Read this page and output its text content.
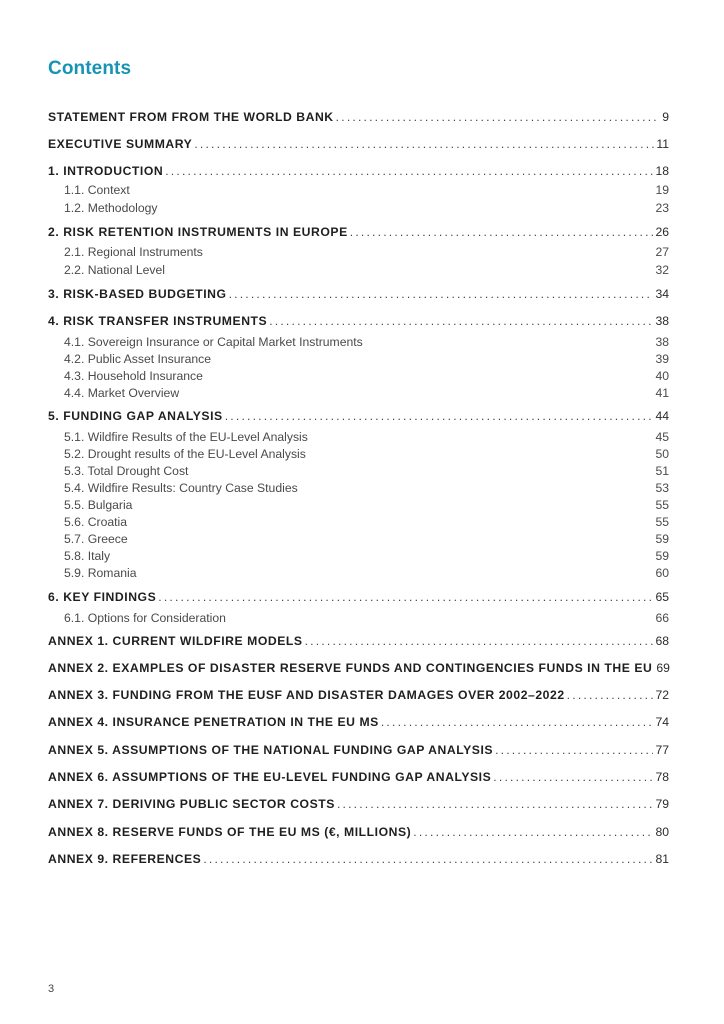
Contents
STATEMENT FROM FROM THE WORLD BANK . . .	9
EXECUTIVE SUMMARY . . .	11
1. INTRODUCTION . . .	18
1.1. Context	19
1.2. Methodology	23
2. RISK RETENTION INSTRUMENTS IN EUROPE . . .	26
2.1. Regional Instruments	27
2.2. National Level	32
3. RISK-BASED BUDGETING . . .	34
4. RISK TRANSFER INSTRUMENTS . . .	38
4.1. Sovereign Insurance or Capital Market Instruments	38
4.2. Public Asset Insurance	39
4.3. Household Insurance	40
4.4. Market Overview	41
5. FUNDING GAP ANALYSIS . . .	44
5.1. Wildfire Results of the EU-Level Analysis	45
5.2. Drought results of the EU-Level Analysis	50
5.3. Total Drought Cost	51
5.4. Wildfire Results: Country Case Studies	53
5.5. Bulgaria	55
5.6. Croatia	55
5.7. Greece	59
5.8. Italy	59
5.9. Romania	60
6. KEY FINDINGS . . .	65
6.1. Options for Consideration	66
ANNEX 1. CURRENT WILDFIRE MODELS . . .	68
ANNEX 2. EXAMPLES OF DISASTER RESERVE FUNDS AND CONTINGENCIES FUNDS IN THE EU 69
ANNEX 3. FUNDING FROM THE EUSF AND DISASTER DAMAGES OVER 2002–2022 . . .	72
ANNEX 4. INSURANCE PENETRATION IN THE EU MS . . .	74
ANNEX 5. ASSUMPTIONS OF THE NATIONAL FUNDING GAP ANALYSIS . . .	77
ANNEX 6. ASSUMPTIONS OF THE EU-LEVEL FUNDING GAP ANALYSIS . . .	78
ANNEX 7. DERIVING PUBLIC SECTOR COSTS . . .	79
ANNEX 8. RESERVE FUNDS OF THE EU MS (€, MILLIONS) . . .	80
ANNEX 9. REFERENCES . . .	81
3
